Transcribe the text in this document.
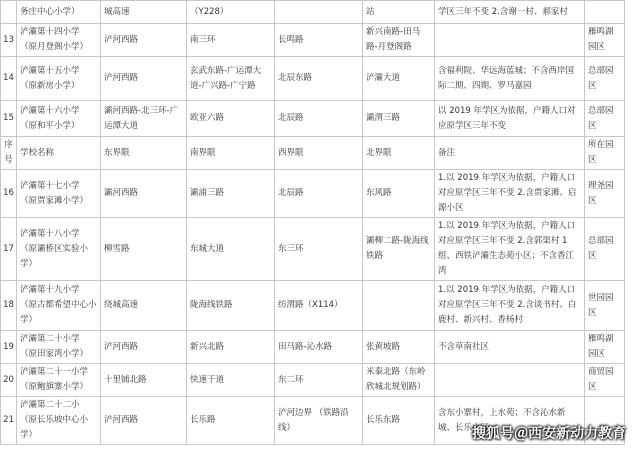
	务庄中心小学）	城高速	（Y228）		站	学区三年不变 2.含谢一村、郝家村	
13	浐灞第十四小学 （原月登阁小学）	浐河西路	南三环	长鸣路	新兴南路-田马路-月登阁路		雁鸣湖园区
14	浐灞第十五小学 （原新房小学）	浐河西路	玄武东路-广运潭大道-广兴路-广宁路	北辰东路	浐灞大道	含福利院、华远海蓝城；不含西岸国际二期、四期、罗马嘉园	总部园区
15	浐灞第十六小学 （原和平小学）	灞河西路-北三环-广运潭大道	欧亚六路	北辰路	灞渭三路	以 2019 年学区为依据，户籍人口对应原学区三年不变	总部园区
序号	学校名称	东界限	南界限	西界限	北界限	备注	所在园区
16	浐灞第十七小学 （原贾家滩小学）	灞河西路	灞浦三路	北辰路	东风路	1.以 2019 年学区为依据，户籍人口对应原学区三年不变 2.含贾家滩、启源小区	理尧园区
17	浐灞第十八小学 （原灞桥区实验小学）	柳雪路	东城大道	东三环	灞柳二路-陇海线铁路	1.以 2019 年学区为依据，户籍人口对应原学区三年不变 2.含郭渠村 1 组、西铁浐灞生态苑小区；不含香江湾	总部园区
18	浐灞第十九小学 （原古都希望中心小学）	绕城高速	陇海线铁路	纺渭路（X114）		1.以 2019 年学区为依据，户籍人口对应原学区三年不变 2.含谈书村、白鹿村、新兴村、香杨村	世园园区
19	浐灞第二十小学 （原田家湾小学）	浐河西路	新兴北路	田马路-沁水路	张黄坡路	不含草南社区	雁鸣湖园区
20	浐灞第二十一小学 （原鲍旗寨小学）	十里铺北路	快速干道	东二环	米秦北路（东岭欣城北规划路）		商贸园区
21	浐灞第二十二小 （原长乐坡中心小学）	浐河西路	长乐路	浐河边界 （铁路沿线）	长乐东路	含东小寨村，上水苑；不含沁水新城、长乐小区	
搜狐号＠西安新动力教育
